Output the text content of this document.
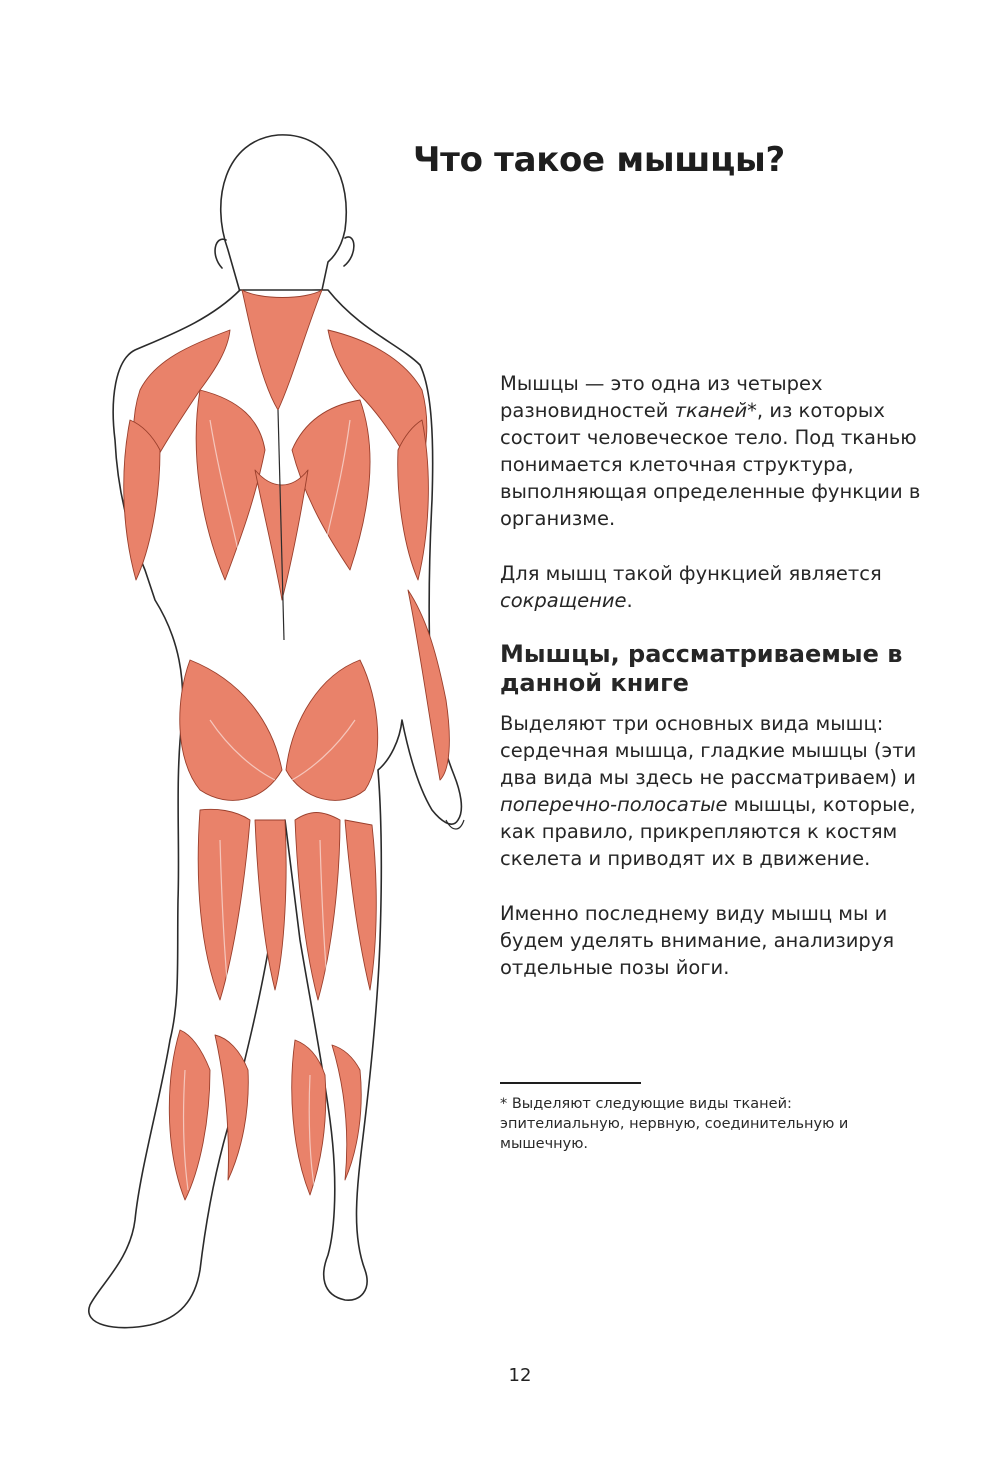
Что такое мышцы?

Мышцы — это одна из четырех разновидностей тканей*, из которых состоит человеческое тело. Под тканью понимается клеточная структура, выполняющая определенные функции в организме.

Для мышц такой функцией является сокращение.

Мышцы, рассматриваемые в данной книге

Выделяют три основных вида мышц: сердечная мышца, гладкие мышцы (эти два вида мы здесь не рассматриваем) и поперечно-полосатые мышцы, которые, как правило, прикрепляются к костям скелета и приводят их в движение.

Именно последнему виду мышц мы и будем уделять внимание, анализируя отдельные позы йоги.

* Выделяют следующие виды тканей: эпителиальную, нервную, соединительную и мышечную.

12
